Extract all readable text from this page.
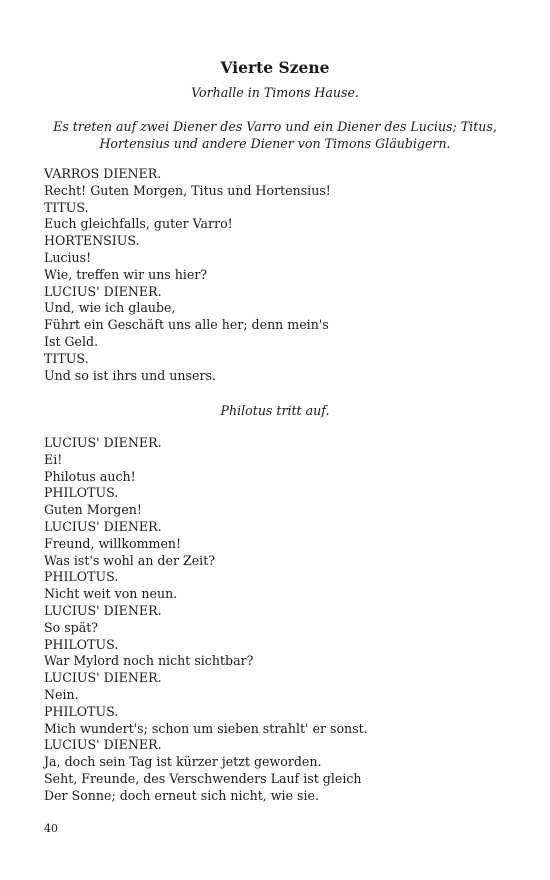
Vierte Szene
Vorhalle in Timons Hause.
Es treten auf zwei Diener des Varro und ein Diener des Lucius; Titus,
Hortensius und andere Diener von Timons Gläubigern.
VARROS DIENER.
Recht! Guten Morgen, Titus und Hortensius!
TITUS.
Euch gleichfalls, guter Varro!
HORTENSIUS.
Lucius!
Wie, treffen wir uns hier?
LUCIUS' DIENER.
Und, wie ich glaube,
Führt ein Geschäft uns alle her; denn mein's
Ist Geld.
TITUS.
Und so ist ihrs und unsers.
Philotus tritt auf.
LUCIUS' DIENER.
Ei!
Philotus auch!
PHILOTUS.
Guten Morgen!
LUCIUS' DIENER.
Freund, willkommen!
Was ist's wohl an der Zeit?
PHILOTUS.
Nicht weit von neun.
LUCIUS' DIENER.
So spät?
PHILOTUS.
War Mylord noch nicht sichtbar?
LUCIUS' DIENER.
Nein.
PHILOTUS.
Mich wundert's; schon um sieben strahlt' er sonst.
LUCIUS' DIENER.
Ja, doch sein Tag ist kürzer jetzt geworden.
Seht, Freunde, des Verschwenders Lauf ist gleich
Der Sonne; doch erneut sich nicht, wie sie.
40
